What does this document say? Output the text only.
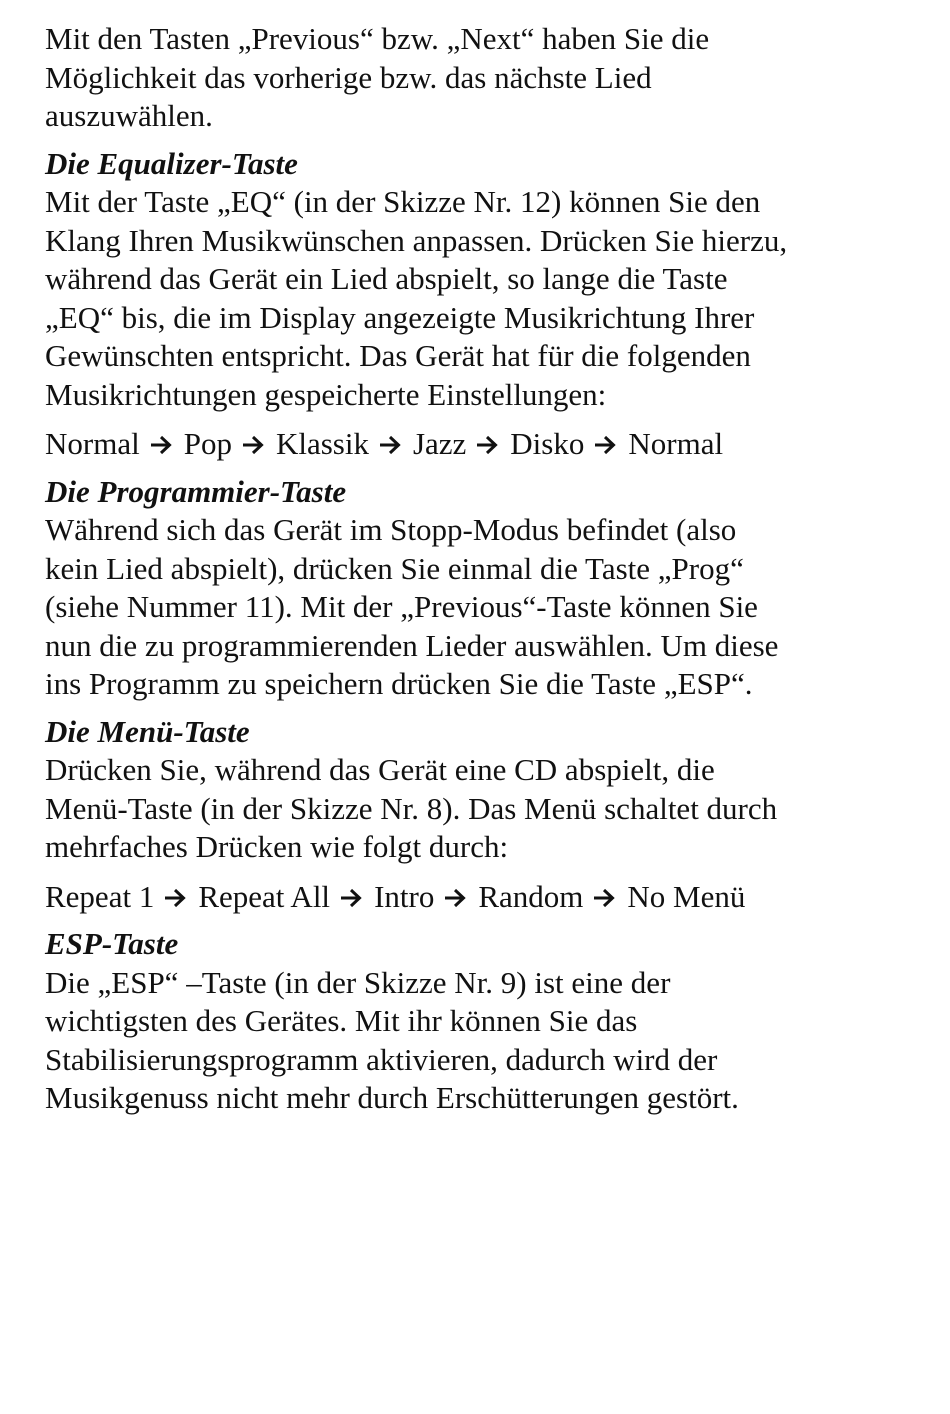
Mit den Tasten „Previous“ bzw. „Next“ haben Sie die

Möglichkeit das vorherige bzw. das nächste Lied

auszuwählen.

Die Equalizer-Taste

Mit der Taste „EQ“ (in der Skizze Nr. 12) können Sie den

Klang Ihren Musikwünschen anpassen. Drücken Sie hierzu,

während das Gerät ein Lied abspielt, so lange die Taste

„EQ“ bis, die im Display angezeigte Musikrichtung Ihrer

Gewünschten entspricht. Das Gerät hat für die folgenden

Musikrichtungen gespeicherte Einstellungen:

Normal Pop Klassik Jazz Disko Normal

Die Programmier-Taste

Während sich das Gerät im Stopp-Modus befindet (also

kein Lied abspielt), drücken Sie einmal die Taste „Prog“

(siehe Nummer 11). Mit der „Previous“-Taste können Sie

nun die zu programmierenden Lieder auswählen. Um diese

ins Programm zu speichern drücken Sie die Taste „ESP“.

Die Menü-Taste

Drücken Sie, während das Gerät eine CD abspielt, die

Menü-Taste (in der Skizze Nr. 8). Das Menü schaltet durch

mehrfaches Drücken wie folgt durch:

Repeat 1 Repeat All Intro Random No Menü

ESP-Taste

Die „ESP“ –Taste (in der Skizze Nr. 9) ist eine der

wichtigsten des Gerätes. Mit ihr können Sie das

Stabilisierungsprogramm aktivieren, dadurch wird der

Musikgenuss nicht mehr durch Erschütterungen gestört.
